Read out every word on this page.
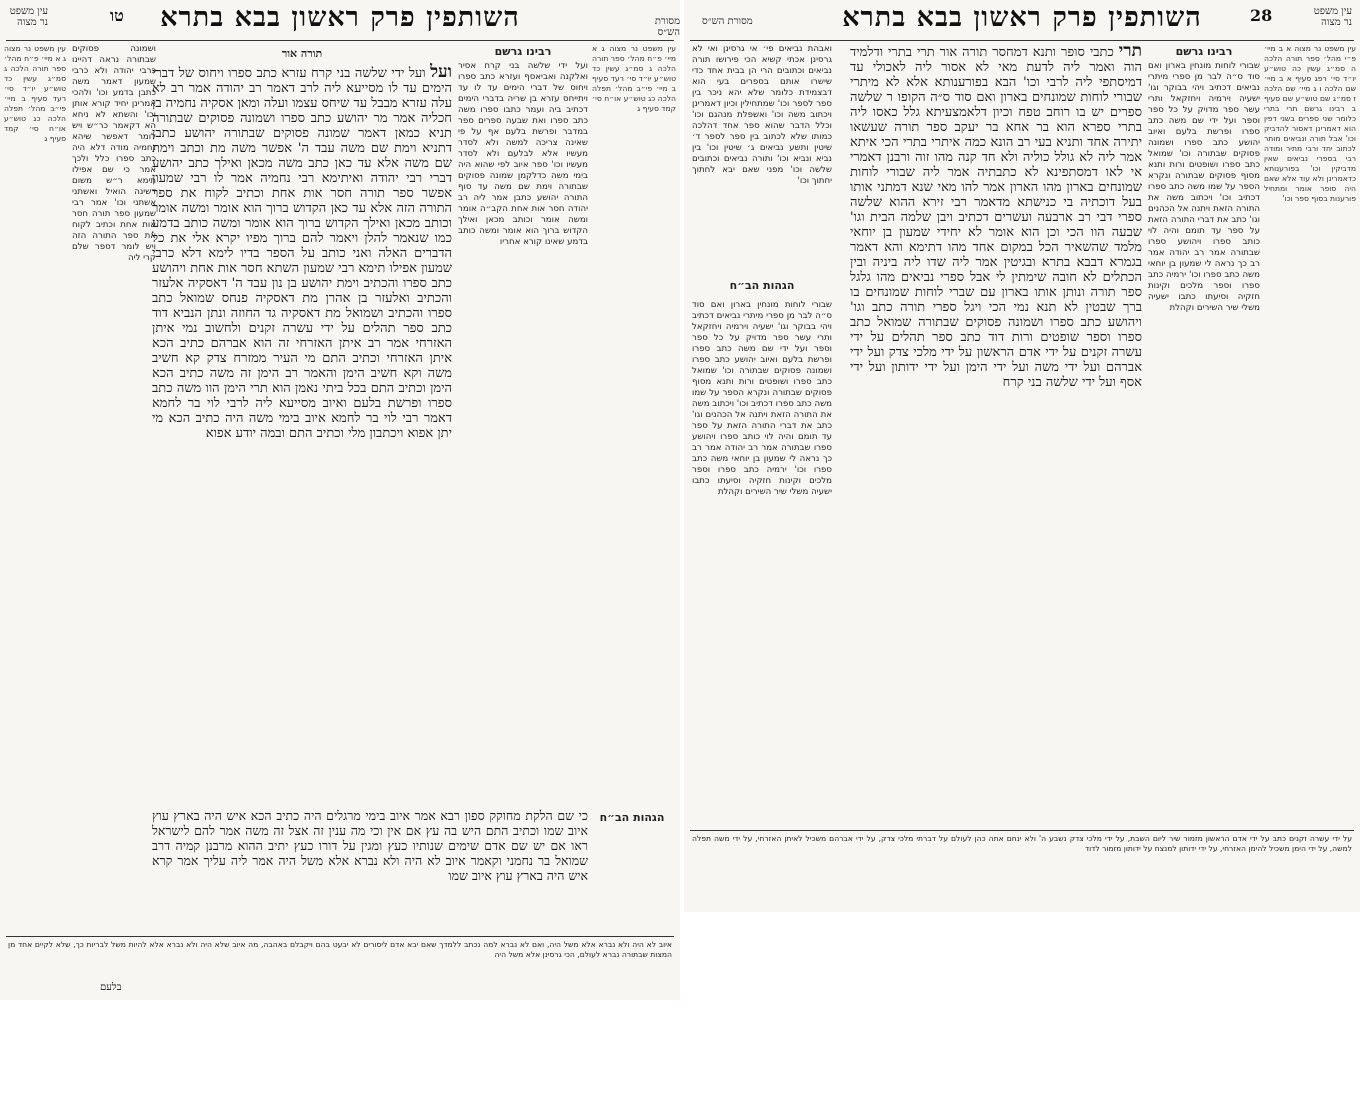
28
מסורת הש״ס
עין משפט נר מצוה
השותפין פרק ראשון בבא בתרא
עין משפט נר מצוה א ב מיי׳ פ״י מהל׳ ספר תורה הלכה ה סמ״ג עשין כה טוש״ע יו״ד סי׳ רפג סעיף א ב מיי׳ שם הלכה ו ג מיי׳ שם הלכה ז סמ״ג שם טוש״ע שם סעיף ב רבינו גרשם תרי בתרי כלומר שני ספרים בשני דפין הוא דאמרינן דאסור להדביק וכו' אבל תורה ונביאים מותר לכתוב יחד ורבי מתיר ומודה רבי בספרי נביאים שאין מדביקין וכו' בפורענותא כדאמרינן ולא עוד אלא שאם היה סופר אומר ומתחיל פורענות בסוף ספר וכו'
רבינו גרשם
שבורי לוחות מונחין בארון ואם סוד ס״ה לבר מן ספרי מיתרי נביאים דכתיב ויהי בבוקר וגו' ישעיה וירמיה ויחזקאל ותרי עשר ספר מדויק על כל ספר וספר ועל ידי שם משה כתב ספרו ופרשת בלעם ואיוב יהושע כתב ספרו ושמונה פסוקים שבתורה וכו' שמואל כתב ספרו ושופטים ורות ותנא מסוף פסוקים שבתורה ונקרא הספר על שמו משה כתב ספרו דכתיב וכו' ויכתוב משה את התורה הזאת ויתנה אל הכהנים וגו' כתב את דברי התורה הזאת על ספר עד תומם והיה לוי כותב ספרו ויהושע ספרו שבתורה אמר רב יהודה אמר רב כך נראה לי שמעון בן יוחאי משה כתב ספרו וכו' ירמיה כתב ספרו וספר מלכים וקינות חזקיה וסיעתו כתבו ישעיה משלי שיר השירים וקהלת
תרי כתבי סופר ותנא דמחסר תורה אור תרי בתרי ודלמיד הוה ואמר ליה לדעת מאי לא אסור ליה לאכולי עד דמיסתפי ליה לרבי וכו' הבא בפורענותא אלא לא מיתרי שבורי לוחות שמונחים בארון ואם סוד ס״ה הקופו ר שלשה ספרים יש בו רוחב טפח וכיון דלאמצעיתא גלל כאסו ליה בתרי ספרא הוא בר אחא בר יעקב ספר תורה שעשאו יתירה אחד ותניא בעי רב הונא כמה איתרי בתרי הכי איתא אמר ליה לא גולל כוליה ולא חד קנה מהו זוה ורבנן דאמרי אי לאו דמסתפינא לא כתבתיה אמר ליה שבורי לוחות שמונחים בארון מהו הארון אמר להו מאי שנא דמתני אותו בעל דוכתיה בי כנישתא מדאמר רבי זירא ההוא שלשה ספרי דבי רב ארבעה ועשרים דכתיב ויבן שלמה הבית וגו' שבעה הוו הכי וכן הוא אומר לא יחידי שמעון בן יוחאי מלמד שהשאיר הכל במקום אחד מהו דתימא והא דאמר בגמרא דבבא בתרא ובגיטין אמר ליה שדו ליה ביניה ובין הכתלים לא חובה שימתין לי אבל ספרי נביאים מהו גלגל ספר תורה ונותן אותו בארון עם שברי לוחות שמונחים בו ברך שבטין לא תנא נמי הכי ויגל ספרי תורה כתב וגו' ויהושע כתב ספרו ושמונה פסוקים שבתורה שמואל כתב ספרו וספר שופטים ורות דוד כתב ספר תהלים על ידי עשרה זקנים על ידי אדם הראשון על ידי מלכי צדק ועל ידי אברהם ועל ידי משה ועל ידי הימן ועל ידי ידותון ועל ידי אסף ועל ידי שלשה בני קרח
ואבהת נביאים פי׳ אי גרסינן ואי לא גרסינן אכתי קשיא הכי פירושו תורה נביאים וכתובים הרי הן בבית אחד כדי שישרו אותם בספרים בעי הוא דבצמידת כלומר שלא יהא ניכר בין ספר לספר וכו' שמתחילין וכיון דאמרינן ויכתוב משה וכו' ואשפלת מנהגם וכו' וכלל הדבר שהוא ספר אחד דהלכה כמותו שלא לכתוב בין ספר לספר ד׳ שיטין ותשע נביאים ג׳ שיטין וכו' בין נביא ונביא וכו' ותורה נביאים וכתובים שלשה וכו' מפני שאם יבא לחתוך יחתוך וכו'
הגהות הב״ח
שבורי לוחות מונחין בארון ואם סוד ס״ה לבר מן ספרי מיתרי נביאים דכתיב ויהי בבוקר וגו' ישעיה וירמיה ויחזקאל ותרי עשר ספר מדויק על כל ספר וספר ועל ידי שם משה כתב ספרו ופרשת בלעם ואיוב יהושע כתב ספרו ושמונה פסוקים שבתורה וכו' שמואל כתב ספרו ושופטים ורות ותנא מסוף פסוקים שבתורה ונקרא הספר על שמו משה כתב ספרו דכתיב וכו' ויכתוב משה את התורה הזאת ויתנה אל הכהנים וגו' כתב את דברי התורה הזאת על ספר עד תומם והיה לוי כותב ספרו ויהושע ספרו שבתורה אמר רב יהודה אמר רב כך נראה לי שמעון בן יוחאי משה כתב ספרו וכו' ירמיה כתב ספרו וספר מלכים וקינות חזקיה וסיעתו כתבו ישעיה משלי שיר השירים וקהלת
על ידי עשרה זקנים כתב על ידי אדם הראשון מזמור שיר ליום השבת, על ידי מלכי צדק נשבע ה' ולא ינחם אתה כהן לעולם על דברתי מלכי צדק, על ידי אברהם משכיל לאיתן האזרחי, על ידי משה תפלה למשה, על ידי הימן משכיל להימן האזרחי, על ידי ידותון למנצח על ידותון מזמור לדוד
טו
עין משפט נר מצוה	מסורת הש״ס
השותפין פרק ראשון בבא בתרא
עין משפט נר מצוה ג א מיי׳ פ״ח מהל׳ ספר תורה הלכה ג סמ״ג עשין כד טוש״ע יו״ד סי׳ רעד סעיף ב מיי׳ פי״ב מהל׳ תפלה הלכה כג טוש״ע או״ח סי׳ קמד סעיף ג
רבינו גרשם
ועל ידי שלשה בני קרח אסיר ואלקנה ואביאסף ועזרא כתב ספרו ויחוס של דברי הימים עד לו עד ויתייחס עזרא בן שריה בדברי הימים דכתיב ביה ועמר כתבו ספרו משה כתב ספרו ואת שבעה ספרים ספר במדבר ופרשת בלעם אף על פי שאינה צריכה למשה ולא לסדר מעשיו אלא לבלעם ולא לסדר מעשיו וכו' ספר איוב לפי שהוא היה בימי משה כדלקמן שמונה פסוקים שבתורה וימת שם משה עד סוף התורה יהושע כתבן אמר ליה רב יהודה חסר אות אחת הקב״ה אומר ומשה אומר וכותב מכאן ואילך הקדוש ברוך הוא אומר ומשה כותב בדמע שאינו קורא אחריו
תורה אור
ועל ועל ידי שלשה בני קרח עזרא כתב ספרו ויחוס של דברי הימים עד לו מסייעא ליה לרב דאמר רב יהודה אמר רב לא עלה עזרא מבבל עד שיחס עצמו ועלה ומאן אסקיה נחמיה בן חכליה אמר מר יהושע כתב ספרו ושמונה פסוקים שבתורה תניא כמאן דאמר שמונה פסוקים שבתורה יהושע כתבן דתניא וימת שם משה עבד ה' אפשר משה מת וכתב וימת שם משה אלא עד כאן כתב משה מכאן ואילך כתב יהושע דברי רבי יהודה ואיתימא רבי נחמיה אמר לו רבי שמעון אפשר ספר תורה חסר אות אחת וכתיב לקוח את ספר התורה הזה אלא עד כאן הקדוש ברוך הוא אומר ומשה אומר וכותב מכאן ואילך הקדוש ברוך הוא אומר ומשה כותב בדמע כמו שנאמר להלן ויאמר להם ברוך מפיו יקרא אלי את כל הדברים האלה ואני כותב על הספר בדיו לימא דלא כרבי שמעון אפילו תימא רבי שמעון השתא חסר אות אחת ויהושע כתב ספרו והכתיב וימת יהושע בן נון עבד ה' דאסקיה אלעזר והכתיב ואלעזר בן אהרן מת דאסקיה פנחס שמואל כתב ספרו והכתיב ושמואל מת דאסקיה גד החוזה ונתן הנביא דוד כתב ספר תהלים על ידי עשרה זקנים ולחשוב נמי איתן האזרחי אמר רב איתן האזרחי זה הוא אברהם כתיב הכא איתן האזרחי וכתיב התם מי העיר ממזרח צדק קא חשיב משה וקא חשיב הימן והאמר רב הימן זה משה כתיב הכא הימן וכתיב התם בכל ביתי נאמן הוא תרי הימן הוו משה כתב ספרו ופרשת בלעם ואיוב מסייעא ליה לרבי לוי בר לחמא דאמר רבי לוי בר לחמא איוב בימי משה היה כתיב הכא מי יתן אפוא ויכתבון מלי וכתיב התם ובמה יודע אפוא
כי שם הלקת מחוקק ספון רבא אמר איוב בימי מרגלים היה כתיב הכא איש היה בארץ עוץ איוב שמו וכתיב התם היש בה עץ אם אין וכי מה ענין זה אצל זה משה אמר להם לישראל ראו אם יש שם אדם שימים שנותיו כעץ ומגין על דורו כעץ יתיב ההוא מרבנן קמיה דרב שמואל בר נחמני וקאמר איוב לא היה ולא נברא אלא משל היה אמר ליה עליך אמר קרא איש היה בארץ עוץ איוב שמו
ושמונה פסוקים שבתורה נראה דהיינו כרבי יהודה ולא כרבי שמעון דאמר משה כתבן בדמע וכו' ולהכי אמרינן יחיד קורא אותן וכו' והשתא לא ניחא הא דקאמר כר״ש ויש לומר דאפשר שיהא נחמיה מודה דלא היה כתב ספרו כלל ולכך אמר כי שם אפילו תימא ר״ש משום דשינה הואיל ואשתני אשתני וכו' אמר רבי שמעון ספר תורה חסר אות אחת וכתיב לקוח את ספר התורה הזה ויש לומר דספר שלם קרי ליה
עין משפט נר מצוה ג א מיי׳ פ״ח מהל׳ ספר תורה הלכה ג סמ״ג עשין כד טוש״ע יו״ד סי׳ רעד סעיף ב מיי׳ פי״ב מהל׳ תפלה הלכה כג טוש״ע או״ח סי׳ קמד סעיף ג
הגהות הב״ח
איוב לא היה ולא נברא אלא משל היה, ואם לא נברא למה נכתב ללמדך שאם יבא אדם ליסורים לא יבעט בהם ויקבלם באהבה, מה איוב שלא היה ולא נברא אלא להיות משל לבריות כך, שלא לקיים אחד מן המצות שבתורה נברא לעולם, הכי גרסינן אלא משל היה
בלעם
